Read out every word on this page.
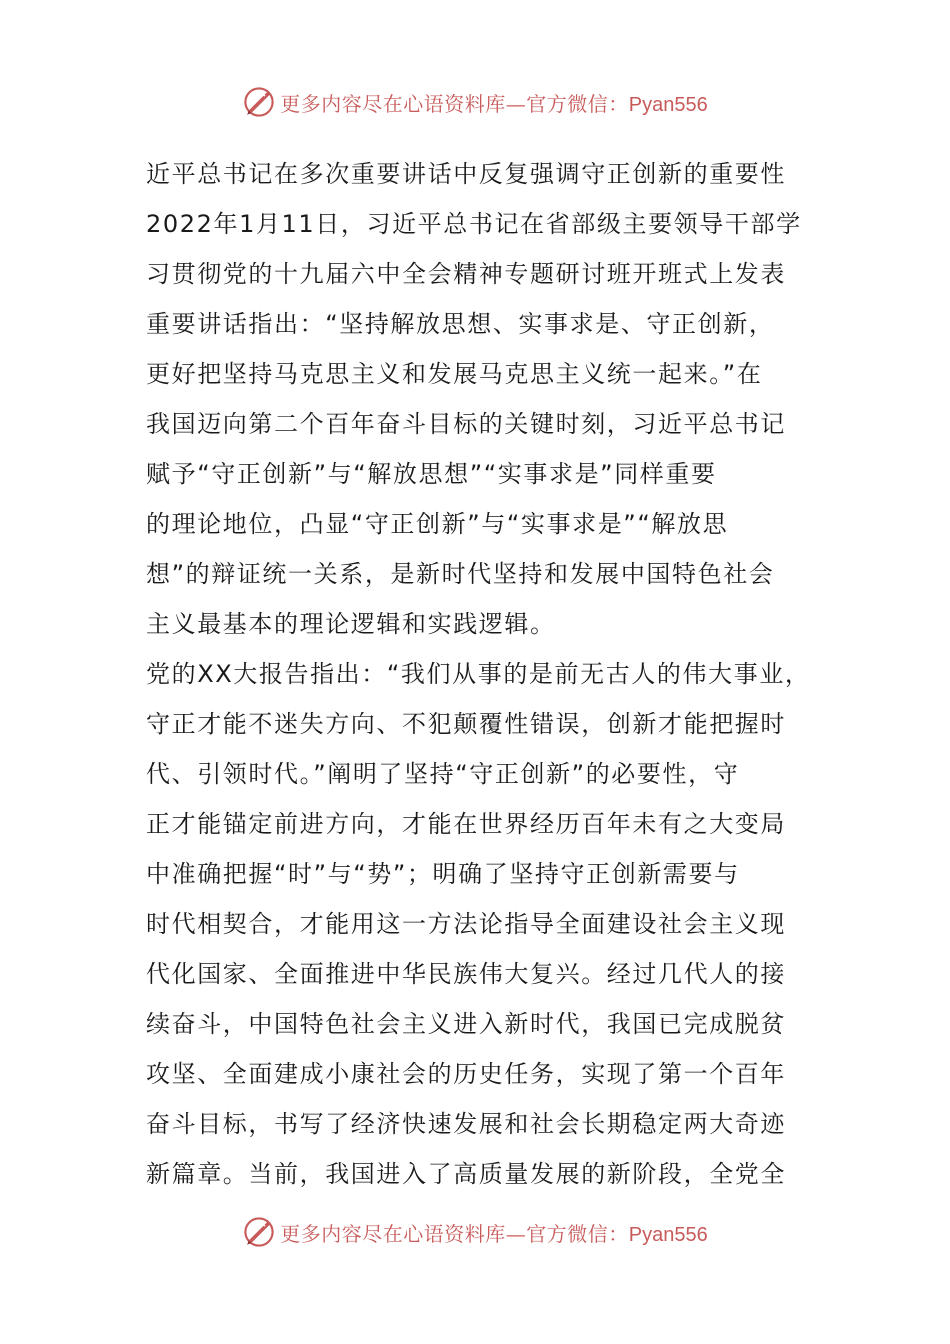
更多内容尽在心语资料库—官方微信：Pyan556

近平总书记在多次重要讲话中反复强调守正创新的重要性

2022年1月11日，习近平总书记在省部级主要领导干部学

习贯彻党的十九届六中全会精神专题研讨班开班式上发表

重要讲话指出：“坚持解放思想、实事求是、守正创新，

更好把坚持马克思主义和发展马克思主义统一起来。”在

我国迈向第二个百年奋斗目标的关键时刻，习近平总书记

赋予“守正创新”与“解放思想”“实事求是”同样重要

的理论地位，凸显“守正创新”与“实事求是”“解放思

想”的辩证统一关系，是新时代坚持和发展中国特色社会

主义最基本的理论逻辑和实践逻辑。

党的XX大报告指出：“我们从事的是前无古人的伟大事业，

守正才能不迷失方向、不犯颠覆性错误，创新才能把握时

代、引领时代。”阐明了坚持“守正创新”的必要性，守

正才能锚定前进方向，才能在世界经历百年未有之大变局

中准确把握“时”与“势”；明确了坚持守正创新需要与

时代相契合，才能用这一方法论指导全面建设社会主义现

代化国家、全面推进中华民族伟大复兴。经过几代人的接

续奋斗，中国特色社会主义进入新时代，我国已完成脱贫

攻坚、全面建成小康社会的历史任务，实现了第一个百年

奋斗目标，书写了经济快速发展和社会长期稳定两大奇迹

新篇章。当前，我国进入了高质量发展的新阶段，全党全

更多内容尽在心语资料库—官方微信：Pyan556
